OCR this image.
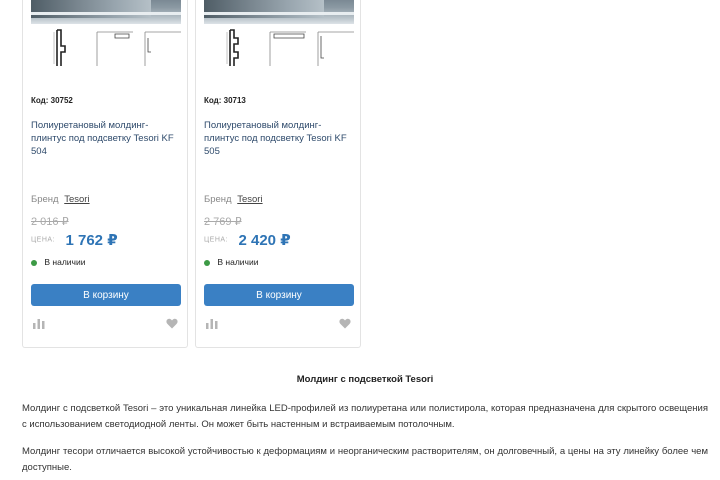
Код: 30752
Полиуретановый молдинг-плинтус под подсветку Tesori KF 504
Бренд Tesori
2 016 ₽
ЦЕНА: 1 762 ₽
В наличии
В корзину
Код: 30713
Полиуретановый молдинг-плинтус под подсветку Tesori KF 505
Бренд Tesori
2 769 ₽
ЦЕНА: 2 420 ₽
В наличии
В корзину
Молдинг с подсветкой Tesori

Молдинг с подсветкой Tesori – это уникальная линейка LED-профилей из полиуретана или полистирола, которая предназначена для скрытого освещения с использованием светодиодной ленты. Он может быть настенным и встраиваемым потолочным.

Молдинг тесори отличается высокой устойчивостью к деформациям и неорганическим растворителям, он долговечный, а цены на эту линейку более чем доступные.
